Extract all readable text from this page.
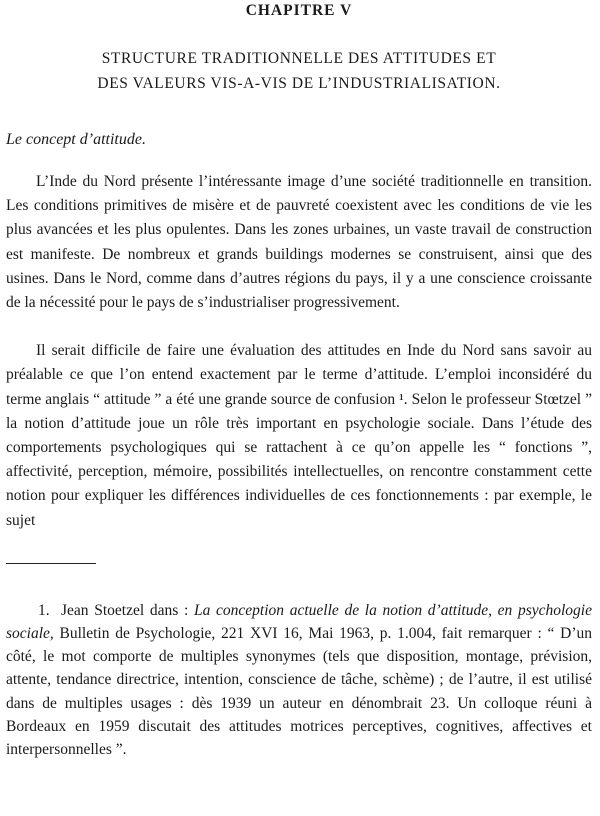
CHAPITRE V
STRUCTURE TRADITIONNELLE DES ATTITUDES ET
DES VALEURS VIS-A-VIS DE L’INDUSTRIALISATION.
Le concept d’attitude.

L’Inde du Nord présente l’intéressante image d’une société traditionnelle en transition. Les conditions primitives de misère et de pauvreté coexistent avec les conditions de vie les plus avancées et les plus opulentes. Dans les zones urbaines, un vaste travail de construction est manifeste. De nombreux et grands buildings modernes se construisent, ainsi que des usines. Dans le Nord, comme dans d’autres régions du pays, il y a une conscience croissante de la nécessité pour le pays de s’industrialiser progressivement.

Il serait difficile de faire une évaluation des attitudes en Inde du Nord sans savoir au préalable ce que l’on entend exactement par le terme d’attitude. L’emploi inconsidéré du terme anglais “ attitude ” a été une grande source de confusion ¹. Selon le professeur Stœtzel ” la notion d’attitude joue un rôle très important en psychologie sociale. Dans l’étude des comportements psychologiques qui se rattachent à ce qu’on appelle les “ fonctions ”, affectivité, perception, mémoire, possibilités intellectuelles, on rencontre constamment cette notion pour expliquer les différences individuelles de ces fonctionnements : par exemple, le sujet

1. Jean Stoetzel dans : La conception actuelle de la notion d’attitude, en psychologie sociale, Bulletin de Psychologie, 221 XVI 16, Mai 1963, p. 1.004, fait remarquer : “ D’un côté, le mot comporte de multiples synonymes (tels que disposition, montage, prévision, attente, tendance directrice, intention, conscience de tâche, schème) ; de l’autre, il est utilisé dans de multiples usages : dès 1939 un auteur en dénombrait 23. Un colloque réuni à Bordeaux en 1959 discutait des attitudes motrices perceptives, cognitives, affectives et interpersonnelles ”.
